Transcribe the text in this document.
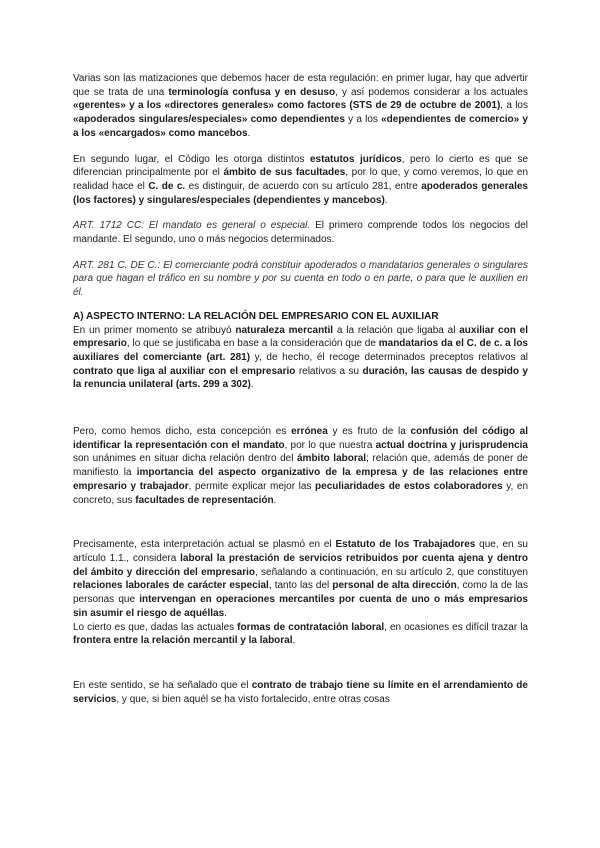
Varias son las matizaciones que debemos hacer de esta regulación: en primer lugar, hay que advertir que se trata de una terminología confusa y en desuso, y así podemos considerar a los actuales «gerentes» y a los «directores generales» como factores (STS de 29 de octubre de 2001), a los «apoderados singulares/especiales» como dependientes y a los «dependientes de comercio» y a los «encargados» como mancebos.

En segundo lugar, el Código les otorga distintos estatutos jurídicos, pero lo cierto es que se diferencian principalmente por el ámbito de sus facultades, por lo que, y como veremos, lo que en realidad hace el C. de c. es distinguir, de acuerdo con su artículo 281, entre apoderados generales (los factores) y singulares/especiales (dependientes y mancebos).

ART. 1712 CC: El mandato es general o especial. El primero comprende todos los negocios del mandante. El segundo, uno o más negocios determinados.

ART. 281 C. DE C.: El comerciante podrá constituir apoderados o mandatarios generales o singulares para que hagan el tráfico en su nombre y por su cuenta en todo o en parte, o para que le auxilien en él.

A) ASPECTO INTERNO: LA RELACIÓN DEL EMPRESARIO CON EL AUXILIAR

En un primer momento se atribuyó naturaleza mercantil a la relación que ligaba al auxiliar con el empresario, lo que se justificaba en base a la consideración que de mandatarios da el C. de c. a los auxiliares del comerciante (art. 281) y, de hecho, él recoge determinados preceptos relativos al contrato que liga al auxiliar con el empresario relativos a su duración, las causas de despido y la renuncia unilateral (arts. 299 a 302).

Pero, como hemos dicho, esta concepción es errónea y es fruto de la confusión del código al identificar la representación con el mandato, por lo que nuestra actual doctrina y jurisprudencia son unánimes en situar dicha relación dentro del ámbito laboral; relación que, además de poner de manifiesto la importancia del aspecto organizativo de la empresa y de las relaciones entre empresario y trabajador, permite explicar mejor las peculiaridades de estos colaboradores y, en concreto, sus facultades de representación.

Precisamente, esta interpretación actual se plasmó en el Estatuto de los Trabajadores que, en su artículo 1.1., considera laboral la prestación de servicios retribuidos por cuenta ajena y dentro del ámbito y dirección del empresario, señalando a continuación, en su artículo 2, que constituyen relaciones laborales de carácter especial, tanto las del personal de alta dirección, como la de las personas que intervengan en operaciones mercantiles por cuenta de uno o más empresarios sin asumir el riesgo de aquéllas.

Lo cierto es que, dadas las actuales formas de contratación laboral, en ocasiones es difícil trazar la frontera entre la relación mercantil y la laboral.

En este sentido, se ha señalado que el contrato de trabajo tiene su límite en el arrendamiento de servicios, y que, si bien aquél se ha visto fortalecido, entre otras cosas
